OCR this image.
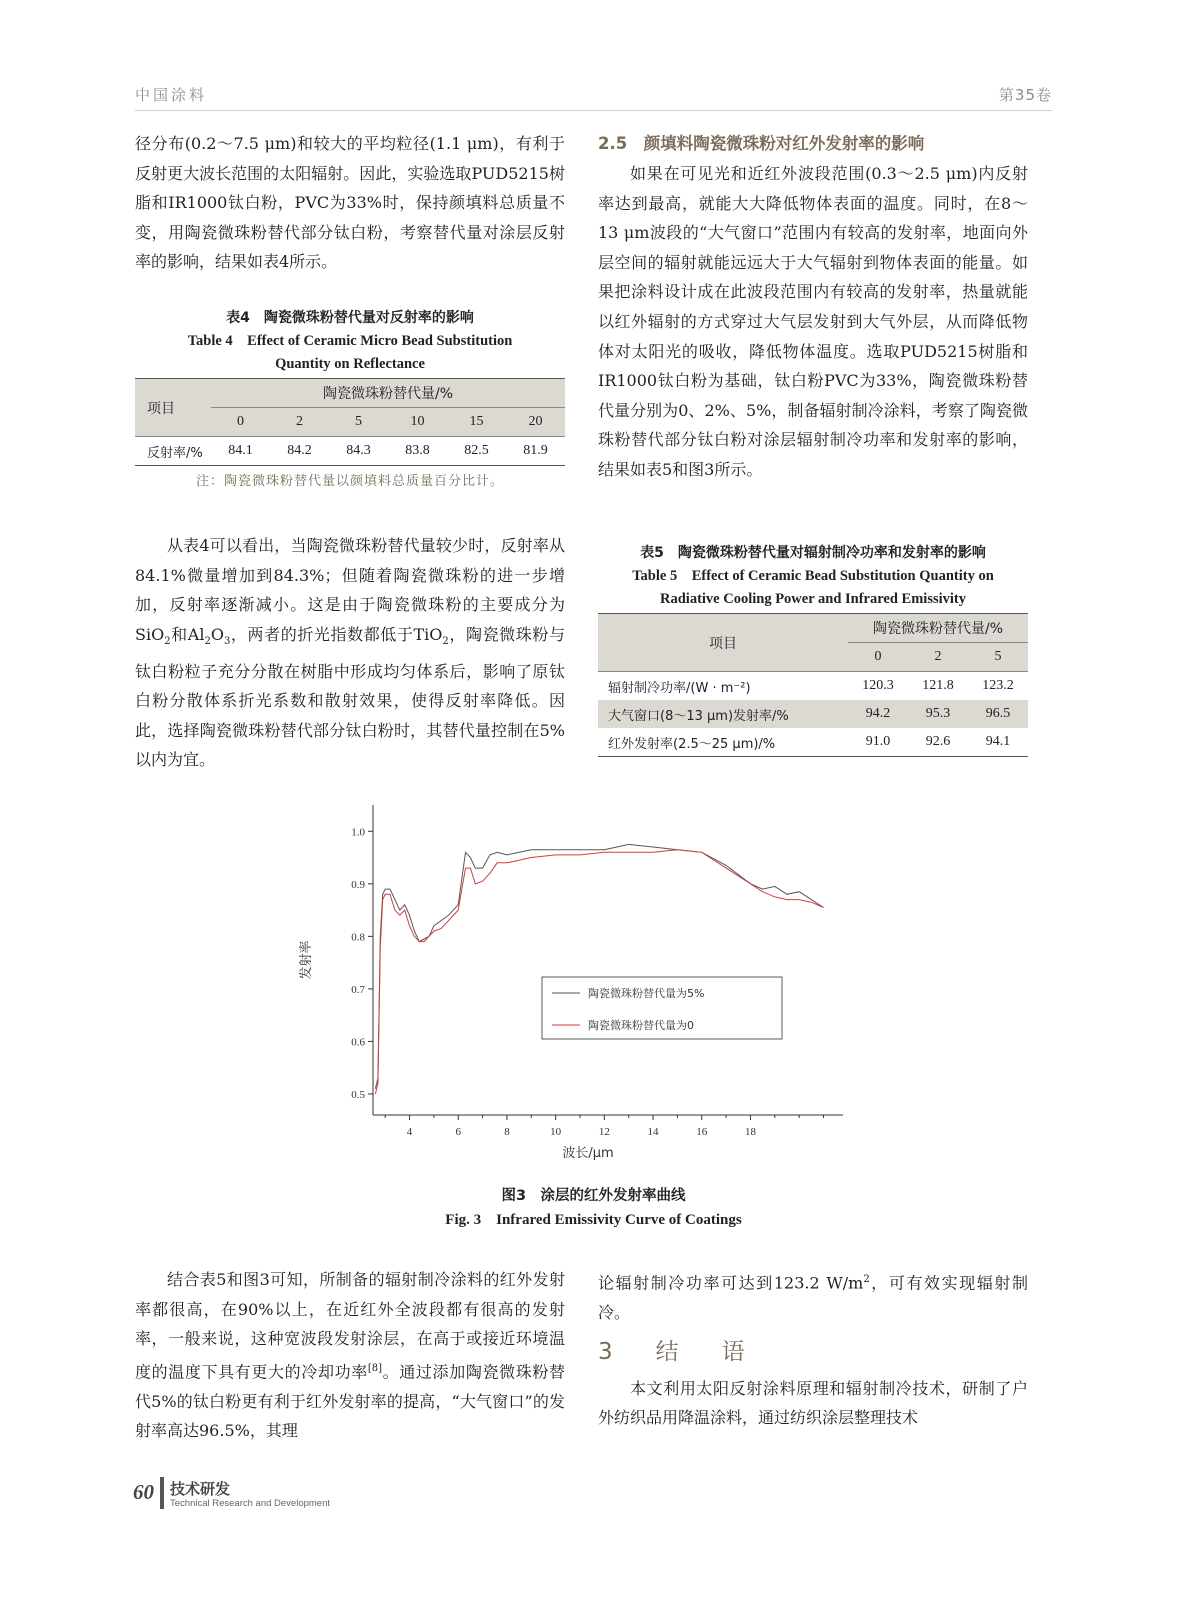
中国涂料	第35卷

径分布(0.2～7.5 μm)和较大的平均粒径(1.1 μm)，有利于反射更大波长范围的太阳辐射。因此，实验选取PUD5215树脂和IR1000钛白粉，PVC为33%时，保持颜填料总质量不变，用陶瓷微珠粉替代部分钛白粉，考察替代量对涂层反射率的影响，结果如表4所示。

表4　陶瓷微珠粉替代量对反射率的影响
Table 4　Effect of Ceramic Micro Bead Substitution
Quantity on Reflectance
项目	陶瓷微珠粉替代量/%					
	0	2	5	10	15	20
反射率/%	84.1	84.2	84.3	83.8	82.5	81.9
注：陶瓷微珠粉替代量以颜填料总质量百分比计。

从表4可以看出，当陶瓷微珠粉替代量较少时，反射率从84.1%微量增加到84.3%；但随着陶瓷微珠粉的进一步增加，反射率逐渐减小。这是由于陶瓷微珠粉的主要成分为SiO$_2$和$Al_2O_3$，两者的折光指数都低于TiO$_2$，陶瓷微珠粉与钛白粉粒子充分分散在树脂中形成均匀体系后，影响了原钛白粉分散体系折光系数和散射效果，使得反射率降低。因此，选择陶瓷微珠粉替代部分钛白粉时，其替代量控制在5%以内为宜。

2.5　颜填料陶瓷微珠粉对红外发射率的影响

如果在可见光和近红外波段范围(0.3～2.5 μm)内反射率达到最高，就能大大降低物体表面的温度。同时，在8～13 μm波段的“大气窗口”范围内有较高的发射率，地面向外层空间的辐射就能远远大于大气辐射到物体表面的能量。如果把涂料设计成在此波段范围内有较高的发射率，热量就能以红外辐射的方式穿过大气层发射到大气外层，从而降低物体对太阳光的吸收，降低物体温度。选取PUD5215树脂和IR1000钛白粉为基础，钛白粉PVC为33%，陶瓷微珠粉替代量分别为0、2%、5%，制备辐射制冷涂料，考察了陶瓷微珠粉替代部分钛白粉对涂层辐射制冷功率和发射率的影响，结果如表5和图3所示。

表5　陶瓷微珠粉替代量对辐射制冷功率和发射率的影响
Table 5　Effect of Ceramic Bead Substitution Quantity on
Radiative Cooling Power and Infrared Emissivity
项目	陶瓷微珠粉替代量/%		
	0	2	5
辐射制冷功率/(W · m⁻²)	120.3	121.8	123.2
大气窗口(8～13 μm)发射率/%	94.2	95.3	96.5
红外发射率(2.5～25 μm)/%	91.0	92.6	94.1
4	6	8	10	12	14	16	18
0.5
0.6
0.7
0.8
0.9
1.0
波长/μm
发射率
陶瓷微珠粉替代量为5%
陶瓷微珠粉替代量为0
图3　涂层的红外发射率曲线
Fig. 3　Infrared Emissivity Curve of Coatings

结合表5和图3可知，所制备的辐射制冷涂料的红外发射率都很高，在90%以上，在近红外全波段都有很高的发射率，一般来说，这种宽波段发射涂层，在高于或接近环境温度的温度下具有更大的冷却功率[8]。通过添加陶瓷微珠粉替代5%的钛白粉更有利于红外发射率的提高，“大气窗口”的发射率高达96.5%，其理

论辐射制冷功率可达到123.2 $W/m^2$，可有效实现辐射制冷。

3　结　语

本文利用太阳反射涂料原理和辐射制冷技术，研制了户外纺织品用降温涂料，通过纺织涂层整理技术

60 技术研发
Technical Research and Development
